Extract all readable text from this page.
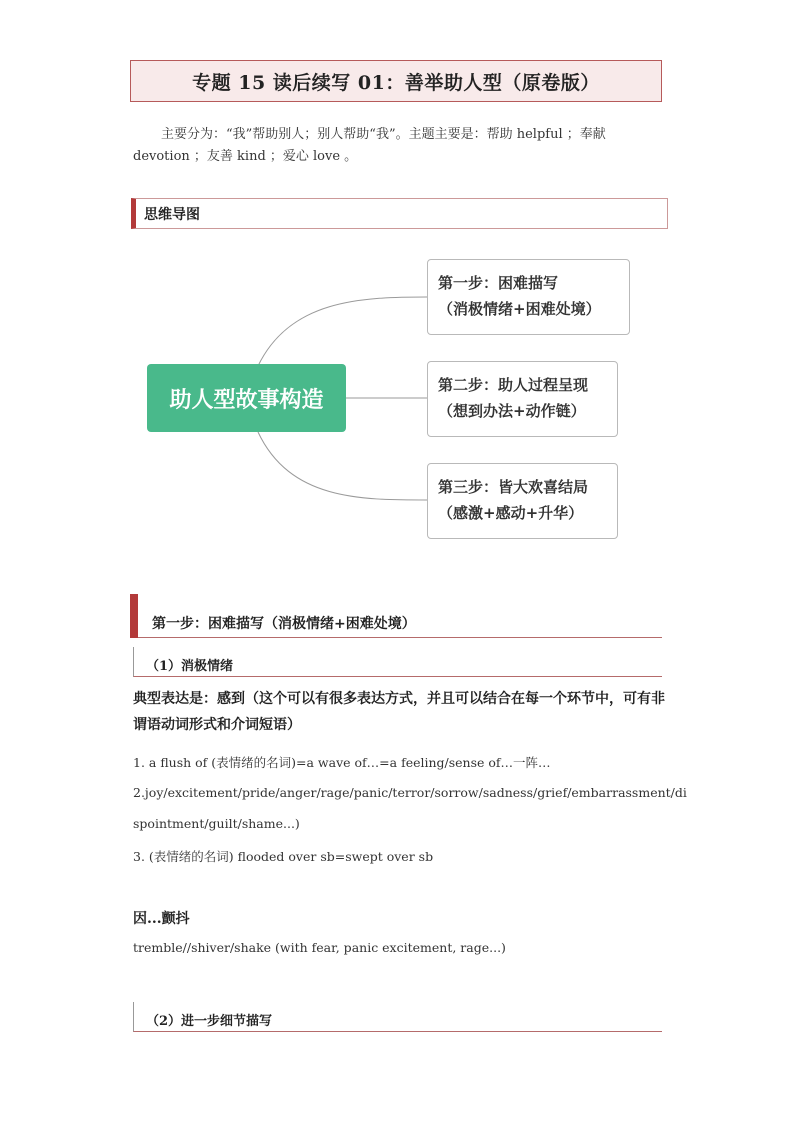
专题 15 读后续写 01：善举助人型（原卷版）
主要分为：“我”帮助别人；别人帮助“我”。主题主要是：帮助 helpful ；奉献 devotion ；友善 kind ；爱心 love 。
思维导图
助人型故事构造
第一步：困难描写
（消极情绪+困难处境）
第二步：助人过程呈现
（想到办法+动作链）
第三步：皆大欢喜结局
（感激+感动+升华）
第一步：困难描写（消极情绪+困难处境）
（1）消极情绪
典型表达是：感到（这个可以有很多表达方式，并且可以结合在每一个环节中，可有非谓语动词形式和介词短语）
1. a flush of (表情绪的名词)=a wave of…=a feeling/sense of…一阵…
2.joy/excitement/pride/anger/rage/panic/terror/sorrow/sadness/grief/embarrassment/di
spointment/guilt/shame...)
3. (表情绪的名词) flooded over sb=swept over sb
因...颤抖
tremble//shiver/shake (with fear, panic excitement, rage...)
（2）进一步细节描写
